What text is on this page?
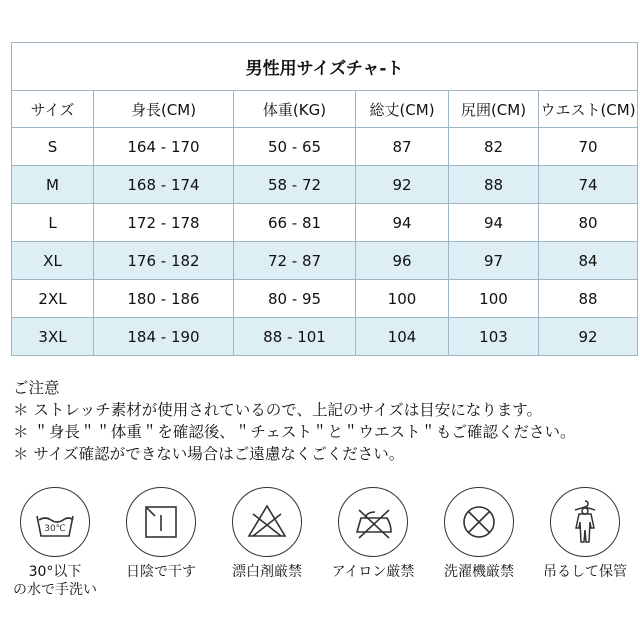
男性用サイズチャ-ト					
サイズ	身長(CM)	体重(KG)	総丈(CM)	尻囲(CM)	ウエスト(CM)
S	164 - 170	50 - 65	87	82	70
M	168 - 174	58 - 72	92	88	74
L	172 - 178	66 - 81	94	94	80
XL	176 - 182	72 - 87	96	97	84
2XL	180 - 186	80 - 95	100	100	88
3XL	184 - 190	88 - 101	104	103	92
ご注意
＊ ストレッチ素材が使用されているので、上記のサイズは目安になります。
＊ ＂身長＂＂体重＂を確認後、＂チェスト＂と＂ウエスト＂もご確認ください。
＊ サイズ確認ができない場合はご遠慮なくごください。
30℃
30°以下
の水で手洗い
日陰で干す	漂白剤厳禁	アイロン厳禁	洗濯機厳禁	吊るして保管
